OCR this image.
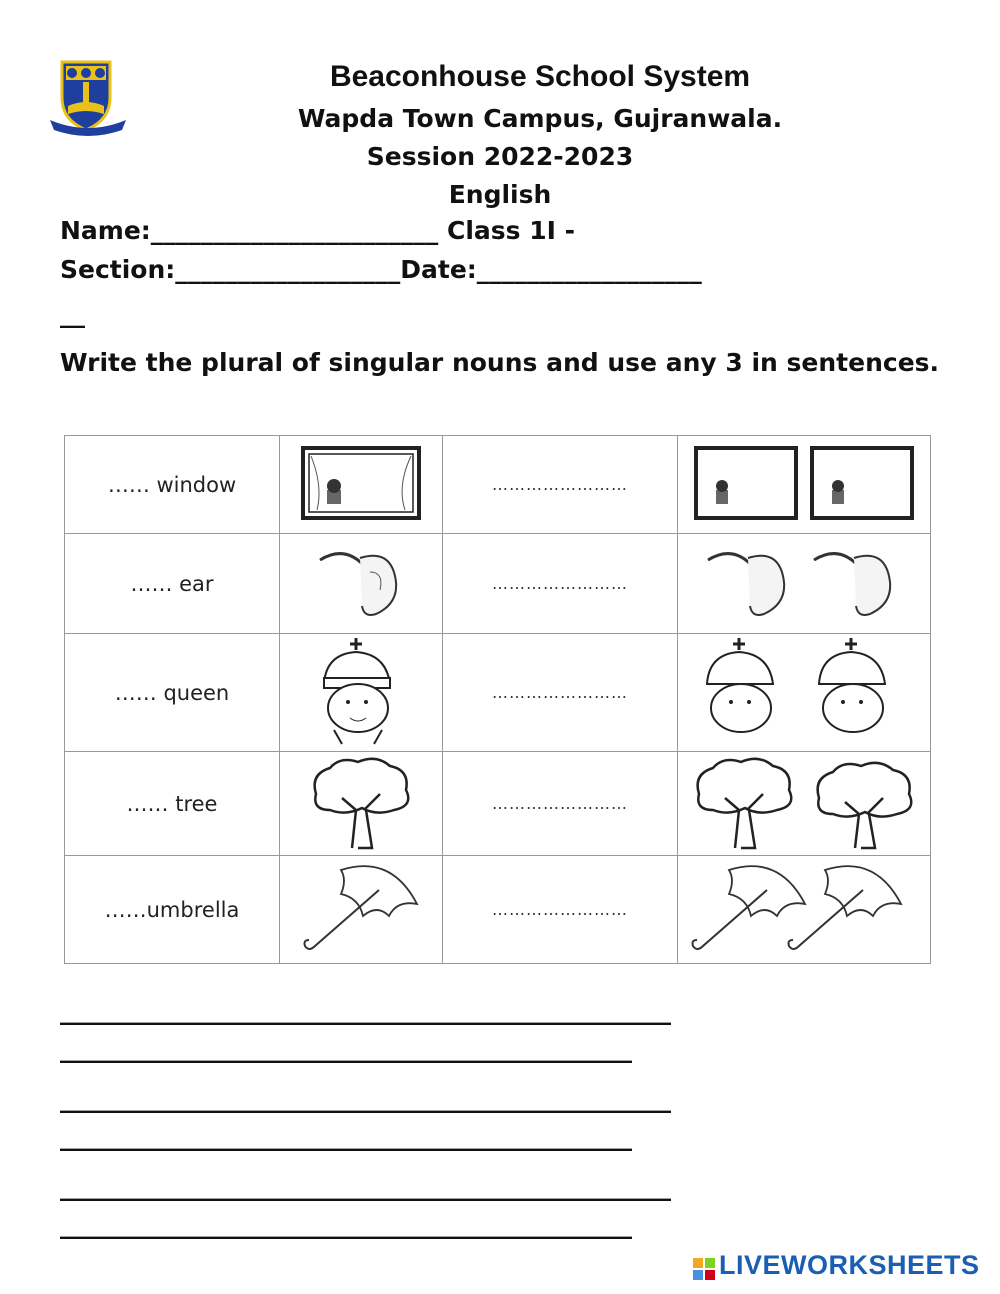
Beaconhouse School System
Wapda Town Campus, Gujranwala.
Session 2022-2023
English
Name:_______________________ Class 1I -
Section:__________________Date:__________________
__
Write the plural of singular nouns and use any 3 in sentences.
…… window		……………………	
…… ear		……………………	
…… queen		……………………	
…… tree		……………………	
……umbrella		……………………	
_______________________________________________
____________________________________________
_______________________________________________
____________________________________________
_______________________________________________
____________________________________________
LIVEWORKSHEETS
